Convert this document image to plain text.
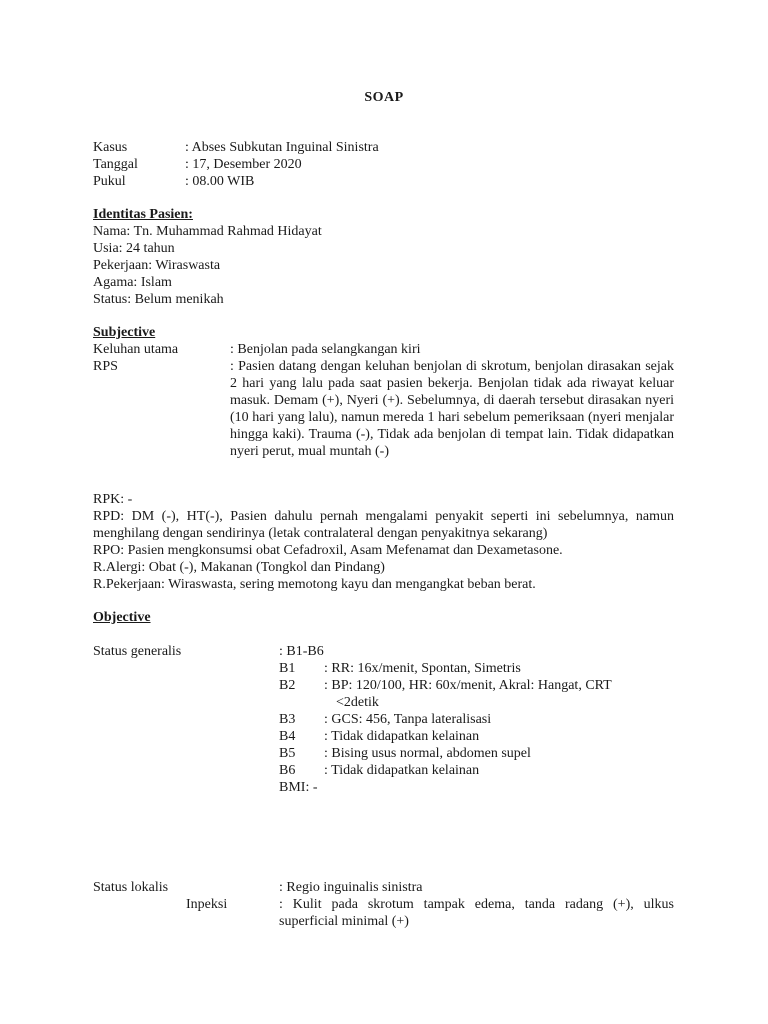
SOAP
Kasus	: Abses Subkutan Inguinal Sinistra
Tanggal	: 17, Desember 2020
Pukul	: 08.00 WIB
Identitas Pasien:
Nama: Tn. Muhammad Rahmad Hidayat
Usia: 24 tahun
Pekerjaan: Wiraswasta
Agama: Islam
Status: Belum menikah
Subjective
Keluhan utama	: Benjolan pada selangkangan kiri
RPS	: Pasien datang dengan keluhan benjolan di skrotum, benjolan dirasakan sejak 2 hari yang lalu pada saat pasien bekerja. Benjolan tidak ada riwayat keluar masuk. Demam (+), Nyeri (+). Sebelumnya, di daerah tersebut dirasakan nyeri (10 hari yang lalu), namun mereda 1 hari sebelum pemeriksaan (nyeri menjalar hingga kaki). Trauma (-), Tidak ada benjolan di tempat lain. Tidak didapatkan nyeri perut, mual muntah (-)
RPK: -
RPD: DM (-), HT(-), Pasien dahulu pernah mengalami penyakit seperti ini sebelumnya, namun menghilang dengan sendirinya (letak contralateral dengan penyakitnya sekarang)
RPO: Pasien mengkonsumsi obat Cefadroxil, Asam Mefenamat dan Dexametasone.
R.Alergi: Obat (-), Makanan (Tongkol dan Pindang)
R.Pekerjaan: Wiraswasta, sering memotong kayu dan mengangkat beban berat.
Objective
Status generalis	: B1-B6
B1 : RR: 16x/menit, Spontan, Simetris
B2 : BP: 120/100, HR: 60x/menit, Akral: Hangat, CRT
<2detik
B3 : GCS: 456, Tanpa lateralisasi
B4 : Tidak didapatkan kelainan
B5 : Bising usus normal, abdomen supel
B6 : Tidak didapatkan kelainan
BMI: -
Status lokalis	: Regio inguinalis sinistra
Inpeksi	: Kulit pada skrotum tampak edema, tanda radang (+), ulkus superficial minimal (+)
